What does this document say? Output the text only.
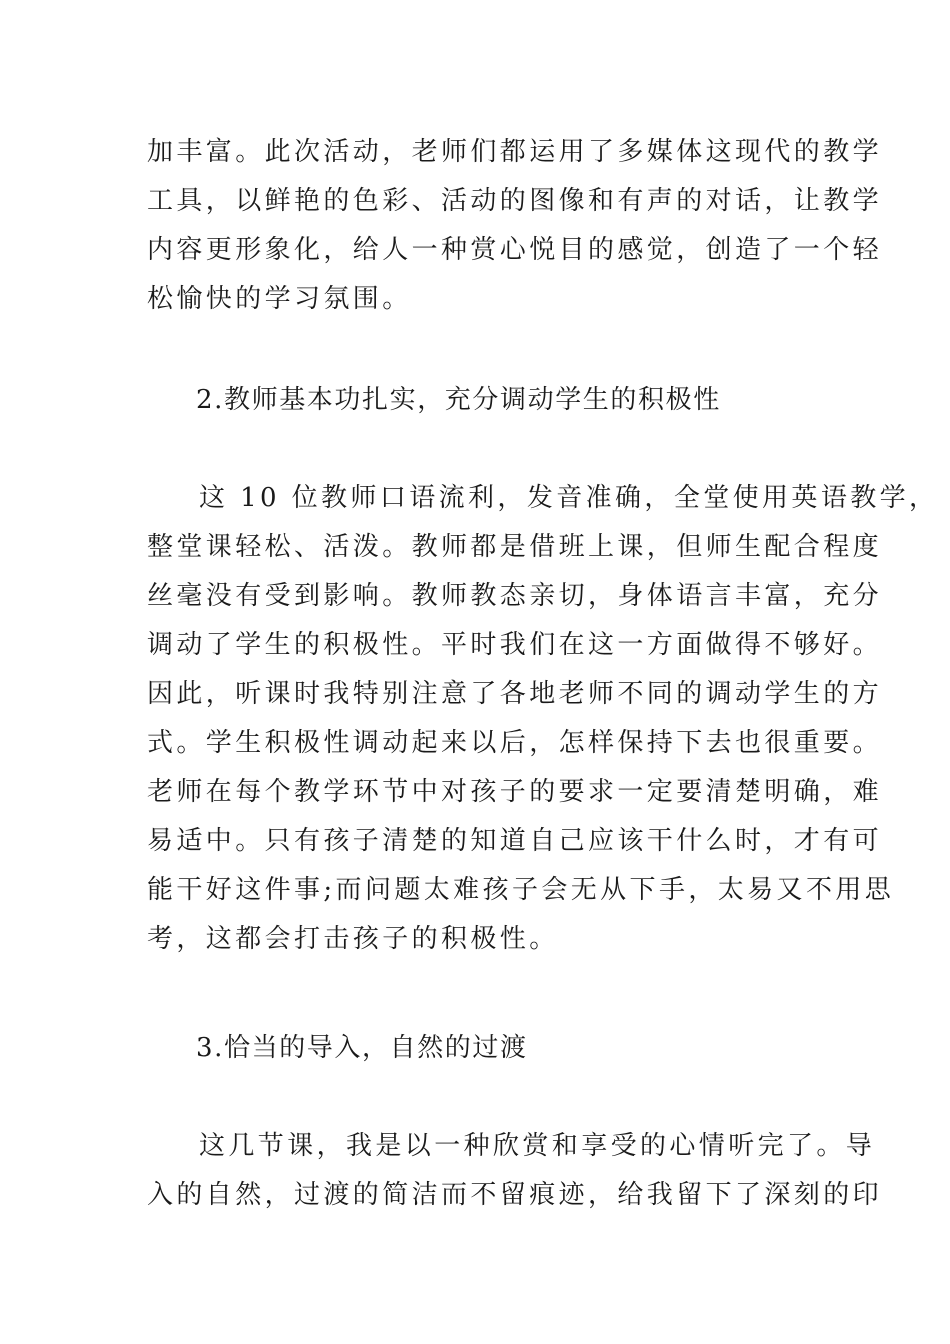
加丰富。此次活动，老师们都运用了多媒体这现代的教学
工具，以鲜艳的色彩、活动的图像和有声的对话，让教学
内容更形象化，给人一种赏心悦目的感觉，创造了一个轻
松愉快的学习氛围。
2.教师基本功扎实，充分调动学生的积极性
这 10 位教师口语流利，发音准确，全堂使用英语教学，
整堂课轻松、活泼。教师都是借班上课，但师生配合程度
丝毫没有受到影响。教师教态亲切，身体语言丰富，充分
调动了学生的积极性。平时我们在这一方面做得不够好。
因此，听课时我特别注意了各地老师不同的调动学生的方
式。学生积极性调动起来以后，怎样保持下去也很重要。
老师在每个教学环节中对孩子的要求一定要清楚明确，难
易适中。只有孩子清楚的知道自己应该干什么时，才有可
能干好这件事;而问题太难孩子会无从下手，太易又不用思
考，这都会打击孩子的积极性。
3.恰当的导入，自然的过渡
这几节课，我是以一种欣赏和享受的心情听完了。导
入的自然，过渡的简洁而不留痕迹，给我留下了深刻的印
